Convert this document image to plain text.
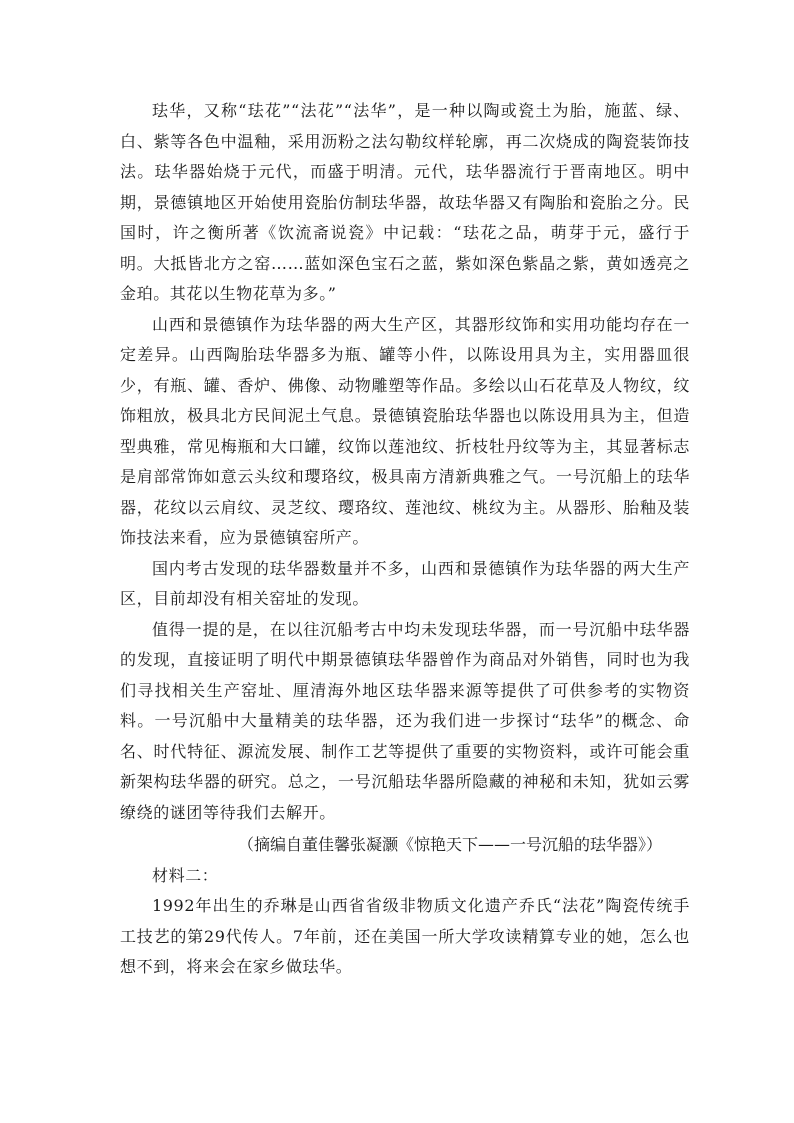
珐华，又称“珐花”“法花”“法华”，是一种以陶或瓷土为胎，施蓝、绿、白、紫等各色中温釉，采用沥粉之法勾勒纹样轮廓，再二次烧成的陶瓷装饰技法。珐华器始烧于元代，而盛于明清。元代，珐华器流行于晋南地区。明中期，景德镇地区开始使用瓷胎仿制珐华器，故珐华器又有陶胎和瓷胎之分。民国时，许之衡所著《饮流斋说瓷》中记载：“珐花之品，萌芽于元，盛行于明。大抵皆北方之窑……蓝如深色宝石之蓝，紫如深色紫晶之紫，黄如透亮之金珀。其花以生物花草为多。”

山西和景德镇作为珐华器的两大生产区，其器形纹饰和实用功能均存在一定差异。山西陶胎珐华器多为瓶、罐等小件，以陈设用具为主，实用器皿很少，有瓶、罐、香炉、佛像、动物雕塑等作品。多绘以山石花草及人物纹，纹饰粗放，极具北方民间泥土气息。景德镇瓷胎珐华器也以陈设用具为主，但造型典雅，常见梅瓶和大口罐，纹饰以莲池纹、折枝牡丹纹等为主，其显著标志是肩部常饰如意云头纹和璎珞纹，极具南方清新典雅之气。一号沉船上的珐华器，花纹以云肩纹、灵芝纹、璎珞纹、莲池纹、桃纹为主。从器形、胎釉及装饰技法来看，应为景德镇窑所产。

国内考古发现的珐华器数量并不多，山西和景德镇作为珐华器的两大生产区，目前却没有相关窑址的发现。

值得一提的是，在以往沉船考古中均未发现珐华器，而一号沉船中珐华器的发现，直接证明了明代中期景德镇珐华器曾作为商品对外销售，同时也为我们寻找相关生产窑址、厘清海外地区珐华器来源等提供了可供参考的实物资料。一号沉船中大量精美的珐华器，还为我们进一步探讨“珐华”的概念、命名、时代特征、源流发展、制作工艺等提供了重要的实物资料，或许可能会重新架构珐华器的研究。总之，一号沉船珐华器所隐藏的神秘和未知，犹如云雾缭绕的谜团等待我们去解开。

（摘编自董佳馨张凝灏《惊艳天下——一号沉船的珐华器》）

材料二：

1992年出生的乔琳是山西省省级非物质文化遗产乔氏“法花”陶瓷传统手工技艺的第29代传人。7年前，还在美国一所大学攻读精算专业的她，怎么也想不到，将来会在家乡做珐华。
